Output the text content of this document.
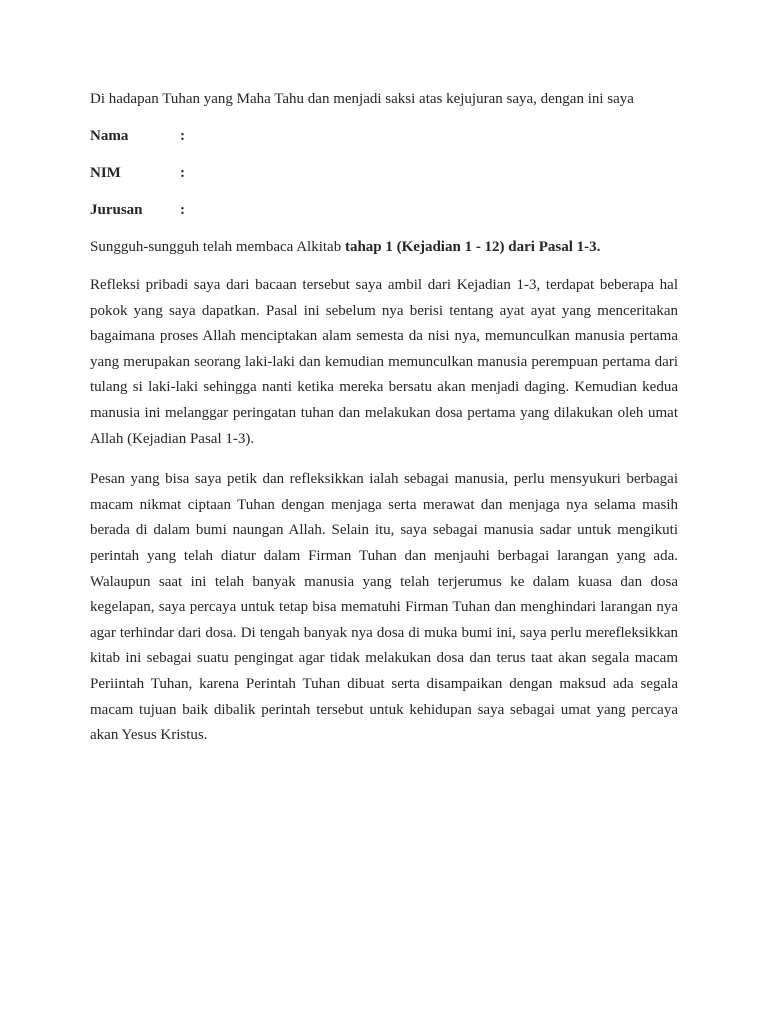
Di hadapan Tuhan yang Maha Tahu dan menjadi saksi atas kejujuran saya, dengan ini saya

Nama	:
NIM	:
Jurusan	:

Sungguh-sungguh telah membaca Alkitab tahap 1 (Kejadian 1 - 12) dari Pasal 1-3.

Refleksi pribadi saya dari bacaan tersebut saya ambil dari Kejadian 1-3, terdapat beberapa hal pokok yang saya dapatkan. Pasal ini sebelum nya berisi tentang ayat ayat yang menceritakan bagaimana proses Allah menciptakan alam semesta da nisi nya, memunculkan manusia pertama yang merupakan seorang laki-laki dan kemudian memunculkan manusia perempuan pertama dari tulang si laki-laki sehingga nanti ketika mereka bersatu akan menjadi daging. Kemudian kedua manusia ini melanggar peringatan tuhan dan melakukan dosa pertama yang dilakukan oleh umat Allah (Kejadian Pasal 1-3).

Pesan yang bisa saya petik dan refleksikkan ialah sebagai manusia, perlu mensyukuri berbagai macam nikmat ciptaan Tuhan dengan menjaga serta merawat dan menjaga nya selama masih berada di dalam bumi naungan Allah. Selain itu, saya sebagai manusia sadar untuk mengikuti perintah yang telah diatur dalam Firman Tuhan dan menjauhi berbagai larangan yang ada. Walaupun saat ini telah banyak manusia yang telah terjerumus ke dalam kuasa dan dosa kegelapan, saya percaya untuk tetap bisa mematuhi Firman Tuhan dan menghindari larangan nya agar terhindar dari dosa. Di tengah banyak nya dosa di muka bumi ini, saya perlu merefleksikkan kitab ini sebagai suatu pengingat agar tidak melakukan dosa dan terus taat akan segala macam Periintah Tuhan, karena Perintah Tuhan dibuat serta disampaikan dengan maksud ada segala macam tujuan baik dibalik perintah tersebut untuk kehidupan saya sebagai umat yang percaya akan Yesus Kristus.
